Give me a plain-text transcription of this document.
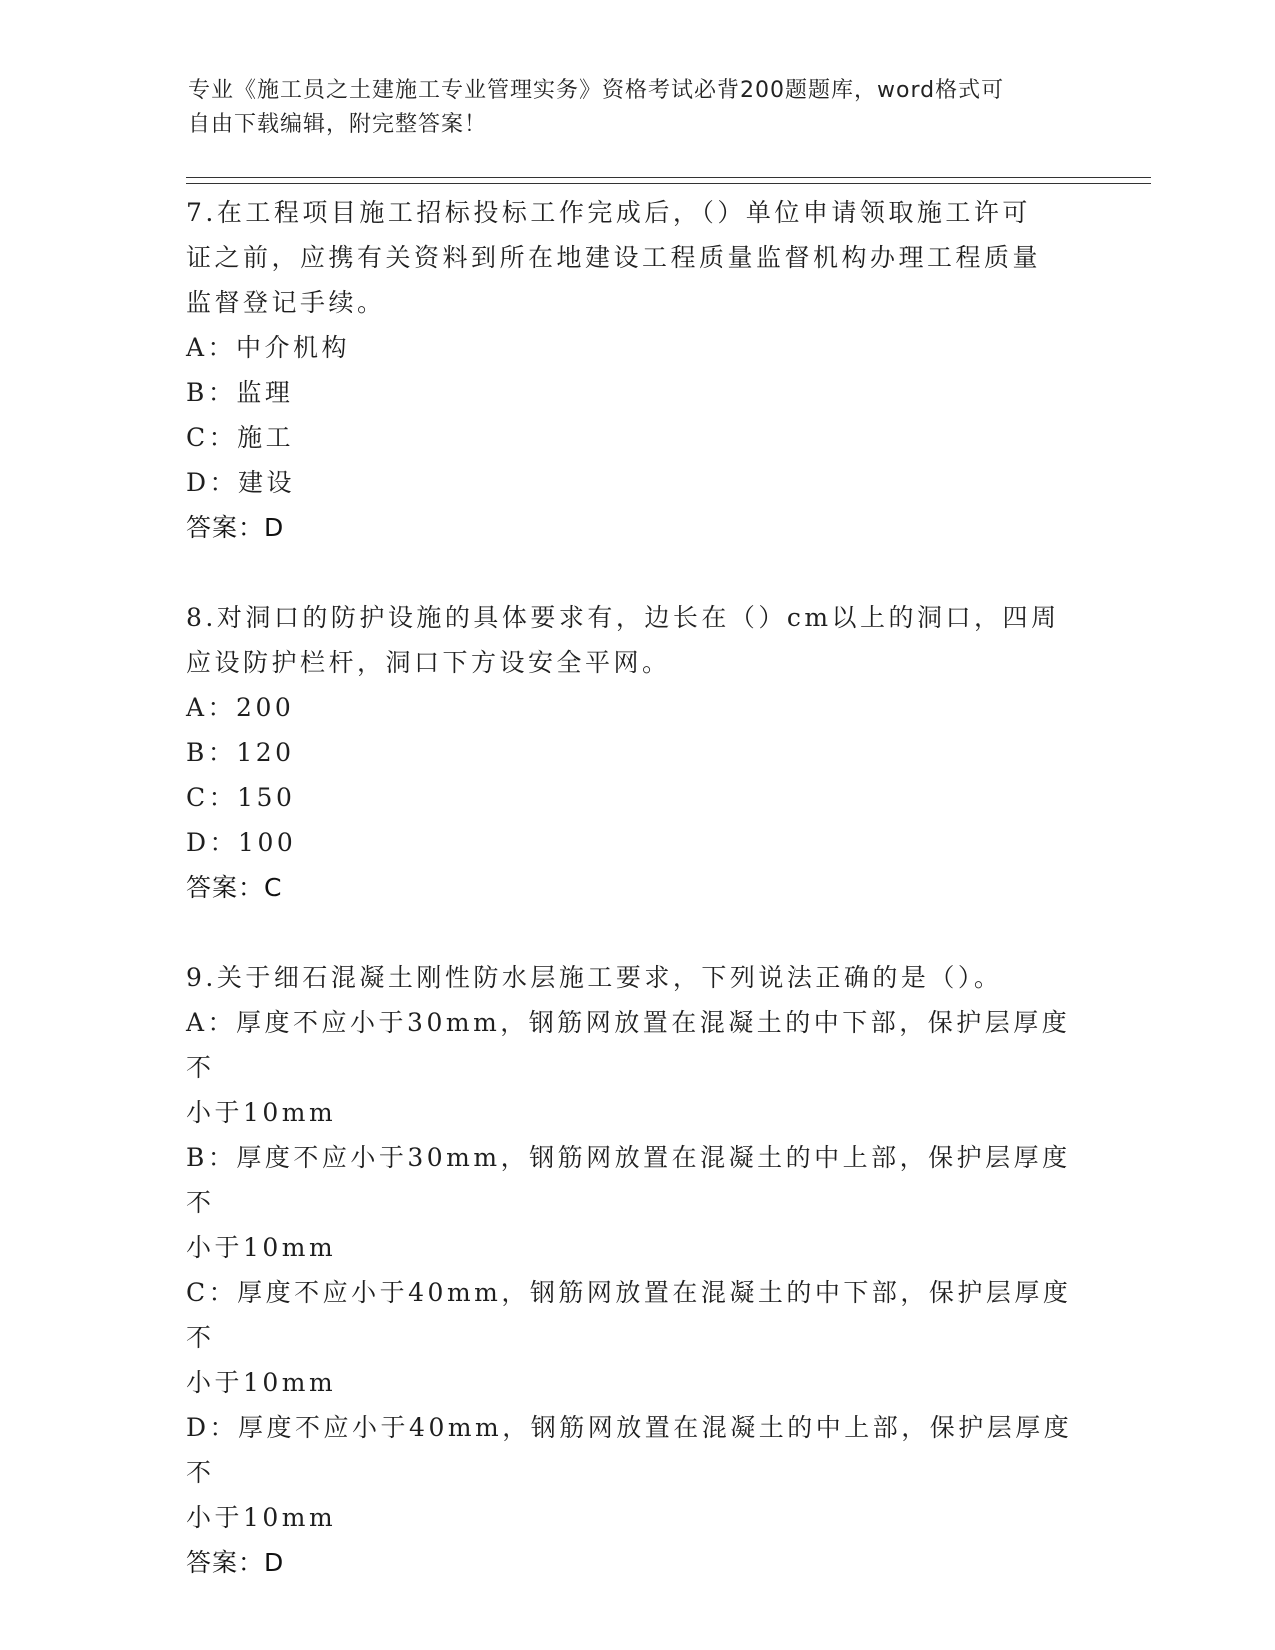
专业《施工员之土建施工专业管理实务》资格考试必背200题题库，word格式可
自由下载编辑，附完整答案！

7.在工程项目施工招标投标工作完成后，（）单位申请领取施工许可

证之前，应携有关资料到所在地建设工程质量监督机构办理工程质量

监督登记手续。

A：中介机构

B：监理

C：施工

D：建设

答案：D

8.对洞口的防护设施的具体要求有，边长在（）cm以上的洞口，四周

应设防护栏杆，洞口下方设安全平网。

A：200

B：120

C：150

D：100

答案：C

9.关于细石混凝土刚性防水层施工要求，下列说法正确的是（）。

A：厚度不应小于30mm，钢筋网放置在混凝土的中下部，保护层厚度不

小于10mm

B：厚度不应小于30mm，钢筋网放置在混凝土的中上部，保护层厚度不

小于10mm

C：厚度不应小于40mm，钢筋网放置在混凝土的中下部，保护层厚度不

小于10mm

D：厚度不应小于40mm，钢筋网放置在混凝土的中上部，保护层厚度不

小于10mm

答案：D
